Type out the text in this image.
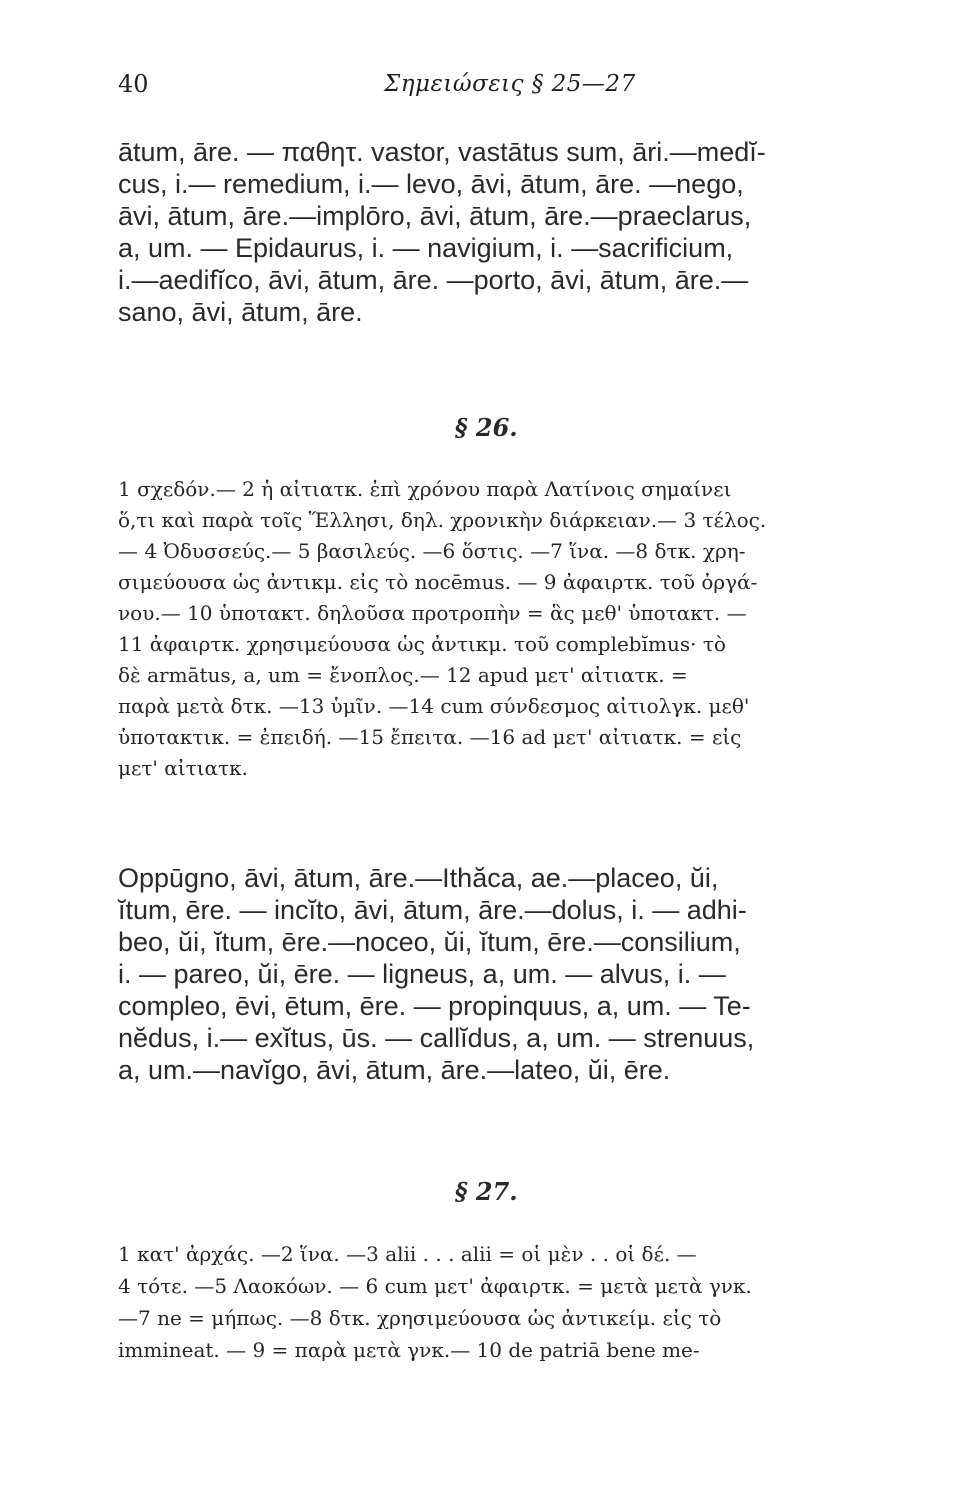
40	Σημειώσεις § 25—27
ātum, āre. — παθητ. vastor, vastātus sum, āri.—medĭ-
cus, i.— remedium, i.— levo, āvi, ātum, āre. —nego,
āvi, ātum, āre.—implōro, āvi, ātum, āre.—praeclarus,
a, um. — Epidaurus, i. — navigium, i. —sacrificium,
i.—aedifĭco, āvi, ātum, āre. —porto, āvi, ātum, āre.—
sano, āvi, ātum, āre.
§ 26.
1 σχεδόν.— 2 ἡ αἰτιατκ. ἐπὶ χρόνου παρὰ Λατίνοις σημαίνει
ὅ,τι καὶ παρὰ τοῖς Ἕλλησι, δηλ. χρονικὴν διάρκειαν.— 3 τέλος.
— 4 Ὀδυσσεύς.— 5 βασιλεύς. —6 ὅστις. —7 ἵνα. —8 δτκ. χρη-
σιμεύουσα ὡς ἀντικμ. εἰς τὸ nocēmus. — 9 ἀφαιρτκ. τοῦ ὀργά-
νου.— 10 ὑποτακτ. δηλοῦσα προτροπὴν = ἃς μεθ' ὑποτακτ. —
11 ἀφαιρτκ. χρησιμεύουσα ὡς ἀντικμ. τοῦ complebĭmus· τὸ
δὲ armātus, a, um = ἔνοπλος.— 12 apud μετ' αἰτιατκ. =
παρὰ μετὰ δτκ. —13 ὑμῖν. —14 cum σύνδεσμος αἰτιολγκ. μεθ'
ὑποτακτικ. = ἐπειδή. —15 ἔπειτα. —16 ad μετ' αἰτιατκ. = εἰς
μετ' αἰτιατκ.
Oppūgno, āvi, ātum, āre.—Ithăca, ae.—placeo, ŭi,
ĭtum, ēre. — incĭto, āvi, ātum, āre.—dolus, i. — adhi-
beo, ŭi, ĭtum, ēre.—noceo, ŭi, ĭtum, ēre.—consilium,
i. — pareo, ŭi, ēre. — ligneus, a, um. — alvus, i. —
compleo, ēvi, ētum, ēre. — propinquus, a, um. — Te-
nĕdus, i.— exĭtus, ūs. — callĭdus, a, um. — strenuus,
a, um.—navĭgo, āvi, ātum, āre.—lateo, ŭi, ēre.
§ 27.
1 κατ' ἀρχάς. —2 ἵνα. —3 alii . . . alii = οἱ μὲν . . οἱ δέ. —
4 τότε. —5 Λαοκόων. — 6 cum μετ' ἀφαιρτκ. = μετὰ μετὰ γνκ.
—7 ne = μήπως. —8 δτκ. χρησιμεύουσα ὡς ἀντικείμ. εἰς τὸ
immineat. — 9 = παρὰ μετὰ γνκ.— 10 de patriā bene me-
